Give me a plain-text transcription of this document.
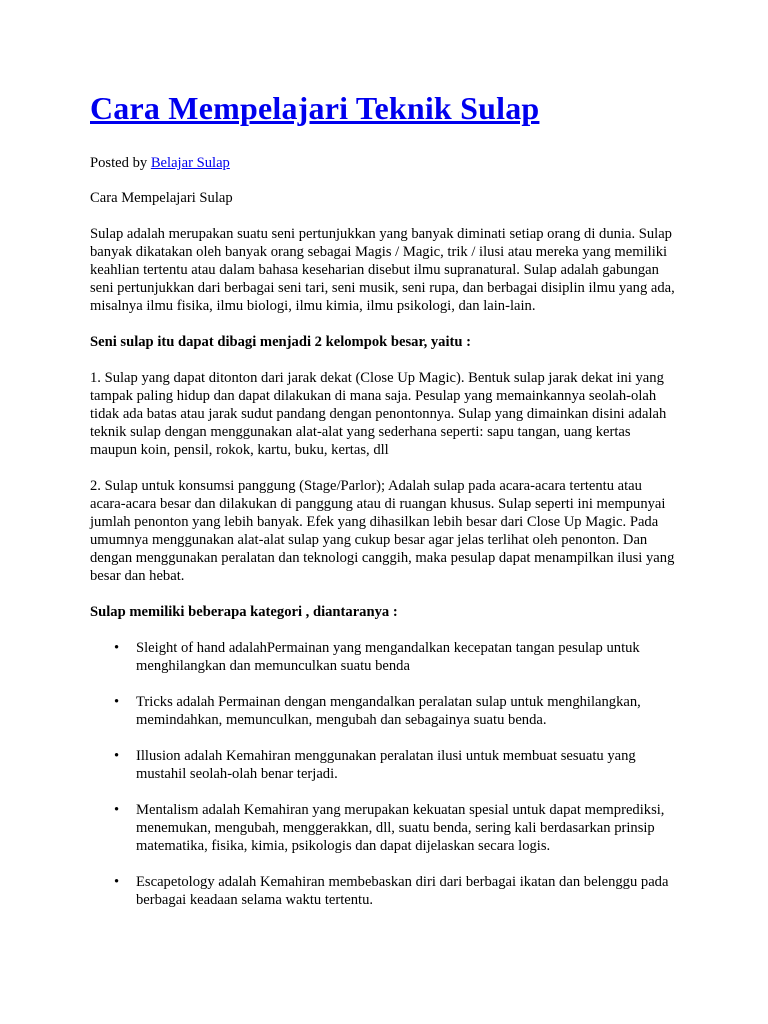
Cara Mempelajari Teknik Sulap

Posted by Belajar Sulap

Cara Mempelajari Sulap

Sulap adalah merupakan suatu seni pertunjukkan yang banyak diminati setiap orang di dunia. Sulap banyak dikatakan oleh banyak orang sebagai Magis / Magic, trik / ilusi atau mereka yang memiliki keahlian tertentu atau dalam bahasa keseharian disebut ilmu supranatural. Sulap adalah gabungan seni pertunjukkan dari berbagai seni tari, seni musik, seni rupa, dan berbagai disiplin ilmu yang ada, misalnya ilmu fisika, ilmu biologi, ilmu kimia, ilmu psikologi, dan lain-lain.

Seni sulap itu dapat dibagi menjadi 2 kelompok besar, yaitu :

1. Sulap yang dapat ditonton dari jarak dekat (Close Up Magic). Bentuk sulap jarak dekat ini yang tampak paling hidup dan dapat dilakukan di mana saja. Pesulap yang memainkannya seolah-olah tidak ada batas atau jarak sudut pandang dengan penontonnya. Sulap yang dimainkan disini adalah teknik sulap dengan menggunakan alat-alat yang sederhana seperti: sapu tangan, uang kertas maupun koin, pensil, rokok, kartu, buku, kertas, dll

2. Sulap untuk konsumsi panggung (Stage/Parlor); Adalah sulap pada acara-acara tertentu atau acara-acara besar dan dilakukan di panggung atau di ruangan khusus. Sulap seperti ini mempunyai jumlah penonton yang lebih banyak. Efek yang dihasilkan lebih besar dari Close Up Magic. Pada umumnya menggunakan alat-alat sulap yang cukup besar agar jelas terlihat oleh penonton. Dan dengan menggunakan peralatan dan teknologi canggih, maka pesulap dapat menampilkan ilusi yang besar dan hebat.

Sulap memiliki beberapa kategori , diantaranya :

• Sleight of hand adalahPermainan yang mengandalkan kecepatan tangan pesulap untuk menghilangkan dan memunculkan suatu benda
• Tricks adalah Permainan dengan mengandalkan peralatan sulap untuk menghilangkan, memindahkan, memunculkan, mengubah dan sebagainya suatu benda.
• Illusion adalah Kemahiran menggunakan peralatan ilusi untuk membuat sesuatu yang mustahil seolah-olah benar terjadi.
• Mentalism adalah Kemahiran yang merupakan kekuatan spesial untuk dapat memprediksi, menemukan, mengubah, menggerakkan, dll, suatu benda, sering kali berdasarkan prinsip matematika, fisika, kimia, psikologis dan dapat dijelaskan secara logis.
• Escapetology adalah Kemahiran membebaskan diri dari berbagai ikatan dan belenggu pada berbagai keadaan selama waktu tertentu.
